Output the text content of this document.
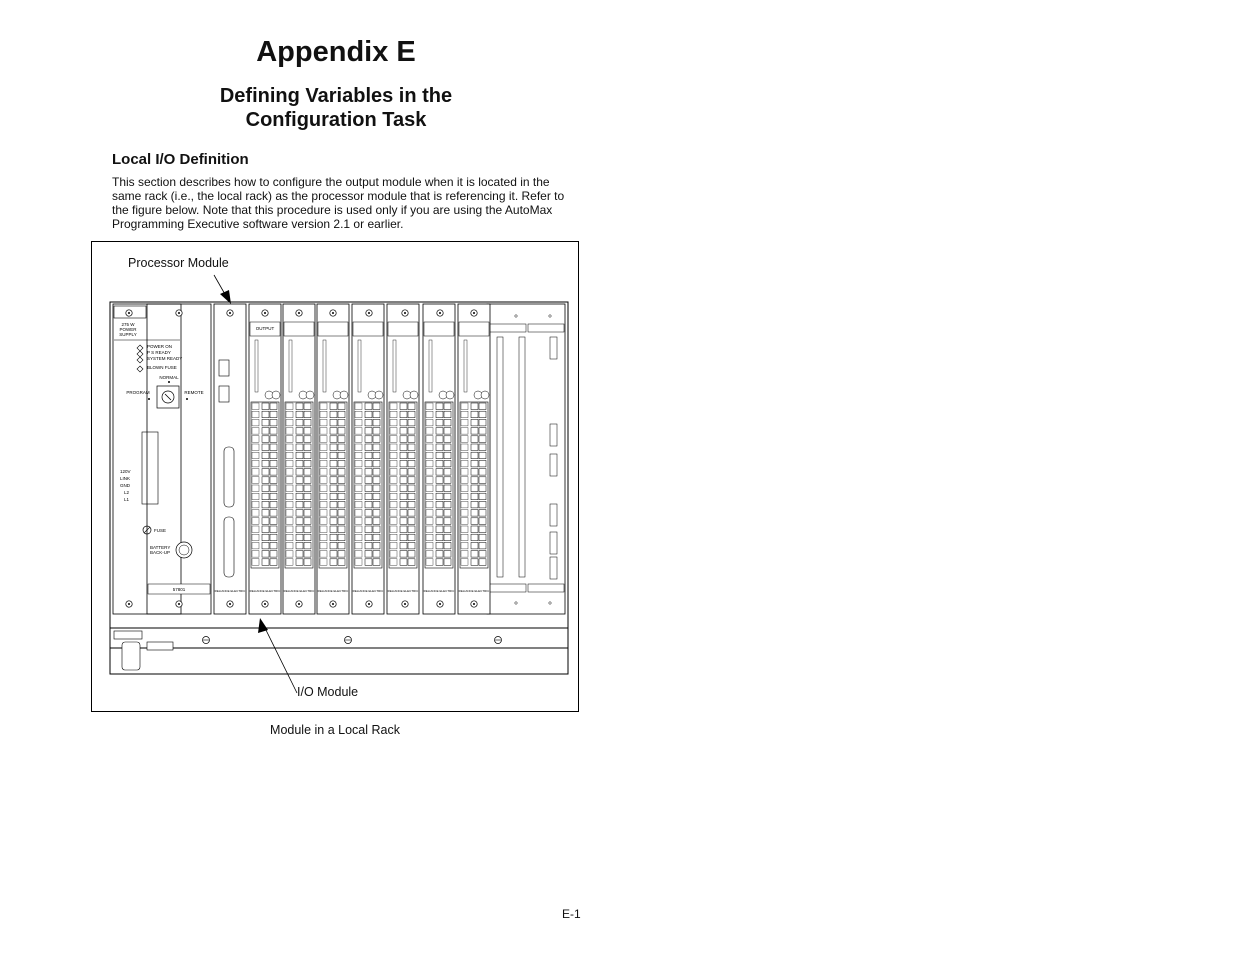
Appendix E
Defining Variables in the
Configuration Task
Local I/O Definition

This section describes how to configure the output module when it is located in the same rack (i.e., the local rack) as the processor module that is referencing it. Refer to the figure below. Note that this procedure is used only if you are using the AutoMax Programming Executive software version 2.1 or earlier.

Processor Module
I/O Module
275 W
POWER
SUPPLY
POWER ON
P S READY
SYSTEM READY
BLOWN FUSE
NORMAL
PROGRAM	REMOTE
120V
LINK
GND
L2
L1
FUSE
BATTERY
BACK-UP
57801	RELIANCE ELECTRIC
OUTPUT
RELIANCE ELECTRIC RELIANCE ELECTRIC RELIANCE ELECTRIC RELIANCE ELECTRIC RELIANCE ELECTRIC RELIANCE ELECTRIC RELIANCE ELECTRIC
Module in a Local Rack
E-1
